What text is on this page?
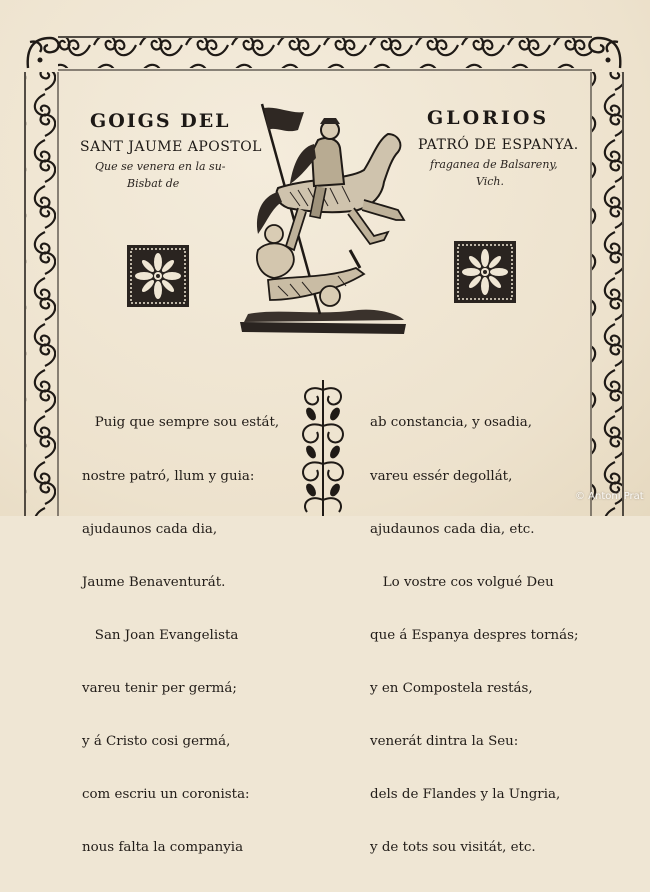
GOIGS DEL	GLORIOS
SANT JAUME APOSTOL	PATRÓ DE ESPANYA.
Que se venera en la su-
Bisbat de
fraganea de Balsareny,
Vich.

Puig que sempre sou estát,

nostre patró, llum y guia:

ajudaunos cada dia,

Jaume Benaventurát.

San Joan Evangelista

vareu tenir per germá;

y á Cristo cosi germá,

com escriu un coronista:

nous falta la companyia

ab constancia, y osadia,

vareu essér degollát,

ajudaunos cada dia, etc.

Lo vostre cos volgué Deu

que á Espanya despres tornás;

y en Compostela restás,

venerát dintra la Seu:

dels de Flandes y la Ungria,

y de tots sou visitát, etc.

© Antoni Prat
